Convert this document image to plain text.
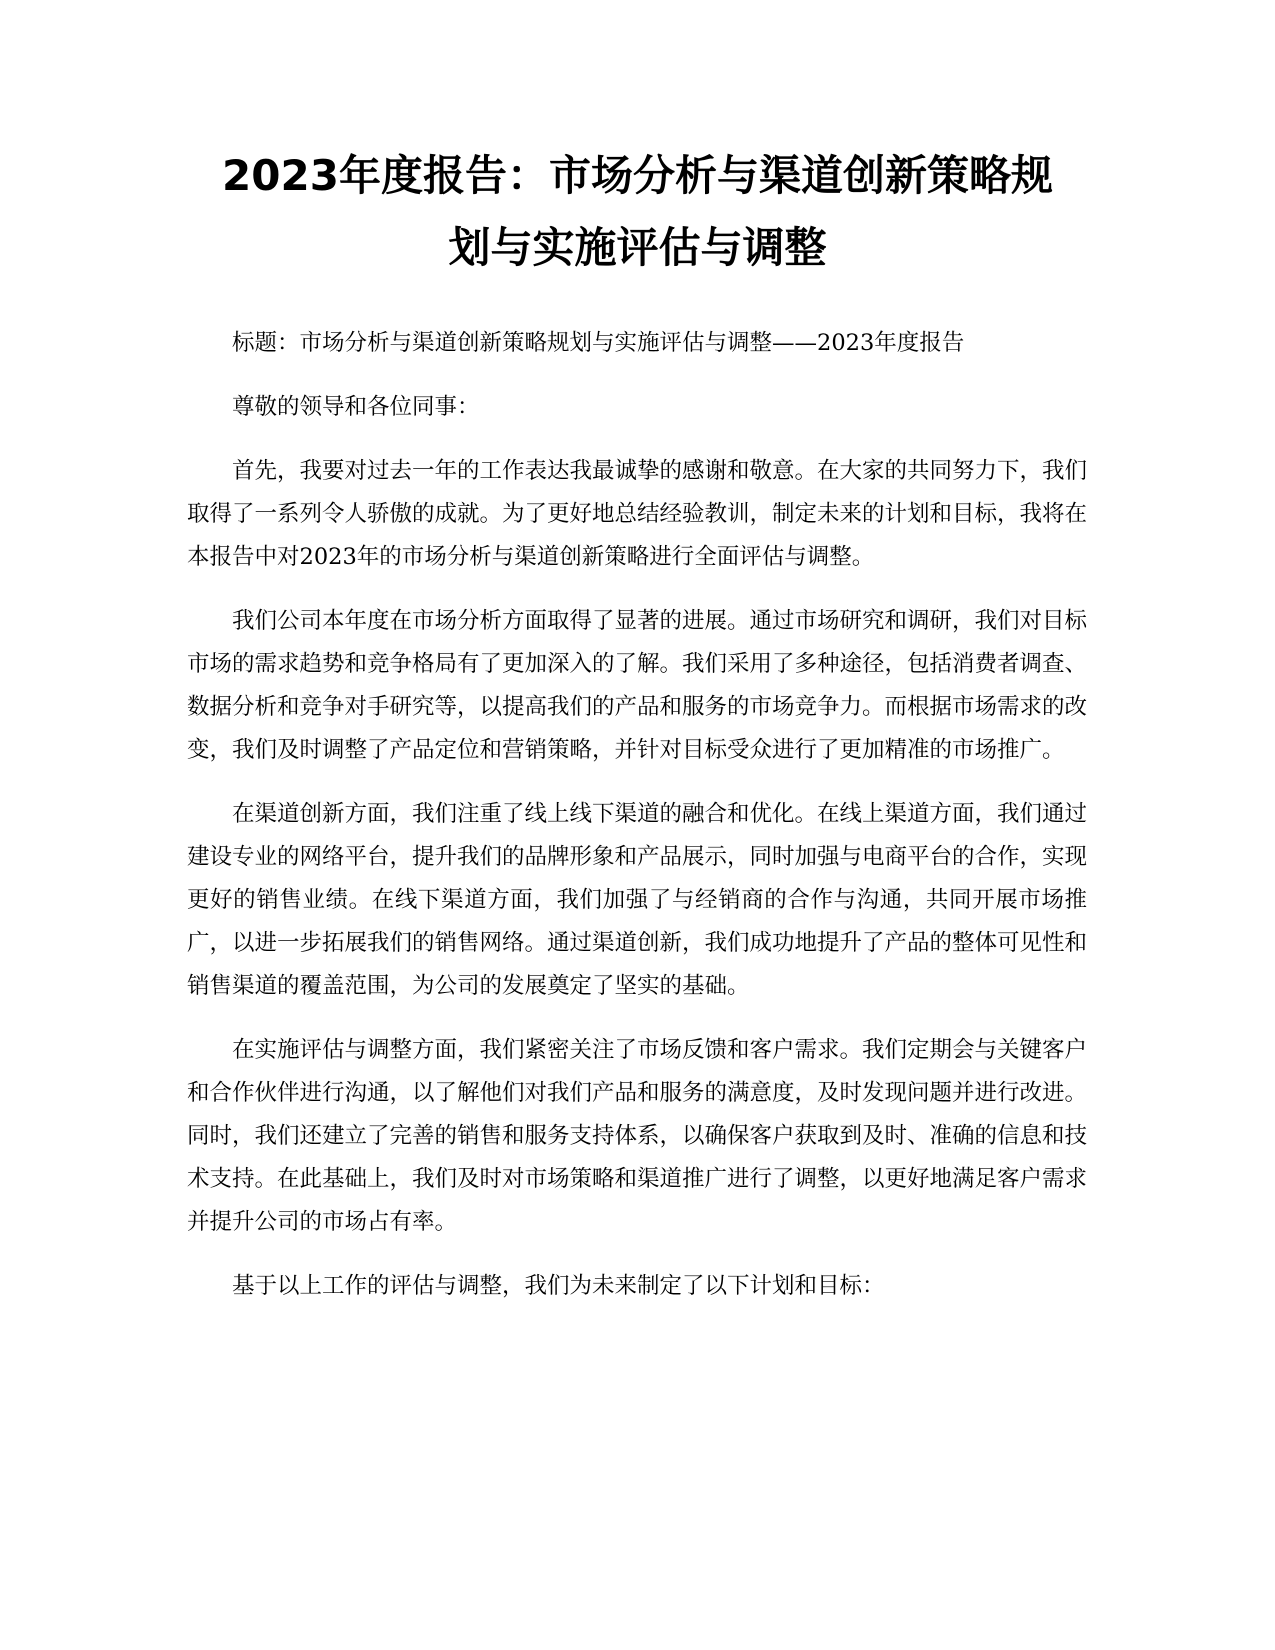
2023年度报告：市场分析与渠道创新策略规
划与实施评估与调整

标题：市场分析与渠道创新策略规划与实施评估与调整——2023年度报告

尊敬的领导和各位同事：

首先，我要对过去一年的工作表达我最诚挚的感谢和敬意。在大家的共同努力下，我们取得了一系列令人骄傲的成就。为了更好地总结经验教训，制定未来的计划和目标，我将在本报告中对2023年的市场分析与渠道创新策略进行全面评估与调整。

我们公司本年度在市场分析方面取得了显著的进展。通过市场研究和调研，我们对目标市场的需求趋势和竞争格局有了更加深入的了解。我们采用了多种途径，包括消费者调查、数据分析和竞争对手研究等，以提高我们的产品和服务的市场竞争力。而根据市场需求的改变，我们及时调整了产品定位和营销策略，并针对目标受众进行了更加精准的市场推广。

在渠道创新方面，我们注重了线上线下渠道的融合和优化。在线上渠道方面，我们通过建设专业的网络平台，提升我们的品牌形象和产品展示，同时加强与电商平台的合作，实现更好的销售业绩。在线下渠道方面，我们加强了与经销商的合作与沟通，共同开展市场推广，以进一步拓展我们的销售网络。通过渠道创新，我们成功地提升了产品的整体可见性和销售渠道的覆盖范围，为公司的发展奠定了坚实的基础。

在实施评估与调整方面，我们紧密关注了市场反馈和客户需求。我们定期会与关键客户和合作伙伴进行沟通，以了解他们对我们产品和服务的满意度，及时发现问题并进行改进。同时，我们还建立了完善的销售和服务支持体系，以确保客户获取到及时、准确的信息和技术支持。在此基础上，我们及时对市场策略和渠道推广进行了调整，以更好地满足客户需求并提升公司的市场占有率。

基于以上工作的评估与调整，我们为未来制定了以下计划和目标：
